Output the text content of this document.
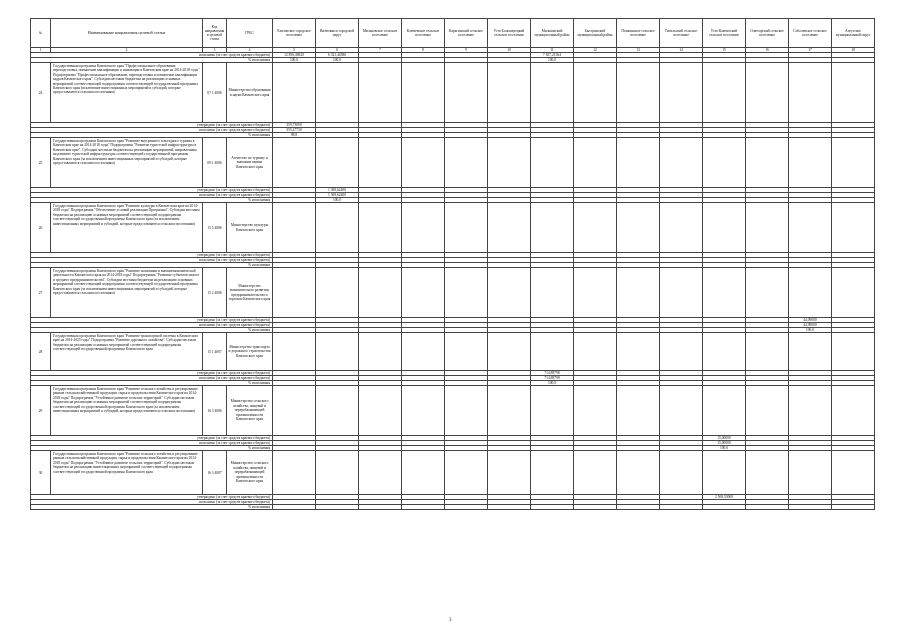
№	Наименование направления целевой статьи	Код направления в целевой статье	ГРБС	Елизовское городское поселение	Вилючинск городской округ	Мильковское сельское поселение	Ключевское сельское поселение	Карагинский сельское поселение	Усть-Большерецкий сельское поселение	Мильковский муниципальный район	Быстринский муниципальный район	Пенжинское сельское поселение	Тигильский сельское поселение	Усть-Камчатский сельское поселение	Олюторский сельское поселение	Соболевское сельское поселение	Алеутское муниципальный округ
1	2	3	4	5	6	7	8	9	10	11	12	13	14	15	16	17	18
исполнено (за счет средств краевого бюджета)				12 856,46920	6 321,44586					7 657,21364							
% исполнения				100,0	100,0					100,0							
24	Государственная программа Камчатского края "Профессиональное образование, переподготовка, повышение квалификации и инновации в Камчатском крае на 2014-2018 годы" Подпрограмма "Профессиональное образование, переподготовка и повышение квалификации кадров Камчатского края". Субсидии местным бюджетам на реализацию основных мероприятий соответствующей подпрограммы соответствующей государственной программы Камчатского края (исключение инвестиционных мероприятий и субсидий, которые предоставляются сельским поселениям)	07 1 4086	Министерство образования и науки Камчатского края														
утверждено (за счет средств краевого бюджета)				359,73090													
исполнено (за счет средств краевого бюджета)				355,47730													
% исполнения				98,8													
25	Государственная программа Камчатского края "Развитие внутреннего и въездного туризма в Камчатском крае на 2014-2018 годы" Подпрограмма "Развитие туристской инфраструктуры в Камчатском крае". Субсидии местным бюджетам на реализацию мероприятий, направленных на развитие туристской инфраструктуры соответствующей государственной программы Камчатского края (за исключением инвестиционных мероприятий и субсидий, которые предоставляются сельским поселениям)	09 1 4086	Агентство по туризму и внешним связям Камчатского края														
утверждено (за счет средств краевого бюджета)					1 369,62400												
исполнено (за счет средств краевого бюджета)					1 369,62400												
% исполнения					100,0												
26	Государственная программа Камчатского края "Развитие культуры в Камчатском крае на 2014-2018 годы" Подпрограмма "Обеспечение условий реализации Программы". Субсидии местным бюджетам на реализацию основных мероприятий соответствующей подпрограммы соответствующей государственной программы Камчатского края (за исключением инвестиционных мероприятий и субсидий, которые предоставляются сельским поселениям)	13 5 4086	Министерство культуры Камчатского края														
утверждено (за счет средств краевого бюджета)																	
исполнено (за счет средств краевого бюджета)																	
% исполнения																	
27	Государственная программа Камчатского края "Развитие экономики и внешнеэкономической деятельности Камчатского края на 2014-2018 годы" Подпрограмма "Развитие субъектов малого и среднего предпринимательства". Субсидии местным бюджетам на реализацию основных мероприятий соответствующей подпрограммы соответствующей государственной программы Камчатского края (за исключением инвестиционных мероприятий и субсидий, которые предоставляются сельским поселениям)	15 2 4086	Министерство экономического развития, предпринимательства и торговли Камчатского края														
утверждено (за счет средств краевого бюджета)																44,09000	
исполнено (за счет средств краевого бюджета)																44,09000	
% исполнения																100,0	
28	Государственная программа Камчатского края "Развитие транспортной системы в Камчатском крае на 2014-2025 годы" Подпрограмма "Развитие дорожного хозяйства". Субсидии местным бюджетам на реализацию основных мероприятий соответствующей подпрограммы соответствующей государственной программы Камчатского края	15 1 4007	Министерство транспорта и дорожного строительства Камчатского края														
утверждено (за счет средств краевого бюджета)										714,88798							
исполнено (за счет средств краевого бюджета)										714,88798							
% исполнения										100,0							
29	Государственная программа Камчатского края "Развитие сельского хозяйства и регулирование рынков сельскохозяйственной продукции, сырья и продовольствия Камчатского края на 2014-2018 годы" Подпрограмма "Устойчивое развитие сельских территорий". Субсидии местным бюджетам на реализацию основных мероприятий соответствующей подпрограммы соответствующей государственной программы Камчатского края (за исключением инвестиционных мероприятий и субсидий, которые предоставляются сельским поселениям)	16 3 4086	Министерство сельского хозяйства, пищевой и перерабатывающей промышленности Камчатского края														
утверждено (за счет средств краевого бюджета)														15,00000			
исполнено (за счет средств краевого бюджета)														15,00000			
% исполнения														100,0			
30	Государственная программа Камчатского края "Развитие сельского хозяйства и регулирование рынков сельскохозяйственной продукции, сырья и продовольствия Камчатского края на 2014-2018 годы" Подпрограмма "Устойчивое развитие сельских территорий". Субсидии местным бюджетам на реализацию инвестиционных мероприятий соответствующей подпрограммы соответствующей государственной программы Камчатского края	16 3 4087	Министерство сельского хозяйства, пищевой и перерабатывающей промышленности Камчатского края														
утверждено (за счет средств краевого бюджета)														2 569,53000			
исполнено (за счет средств краевого бюджета)																	
% исполнения																	
3
